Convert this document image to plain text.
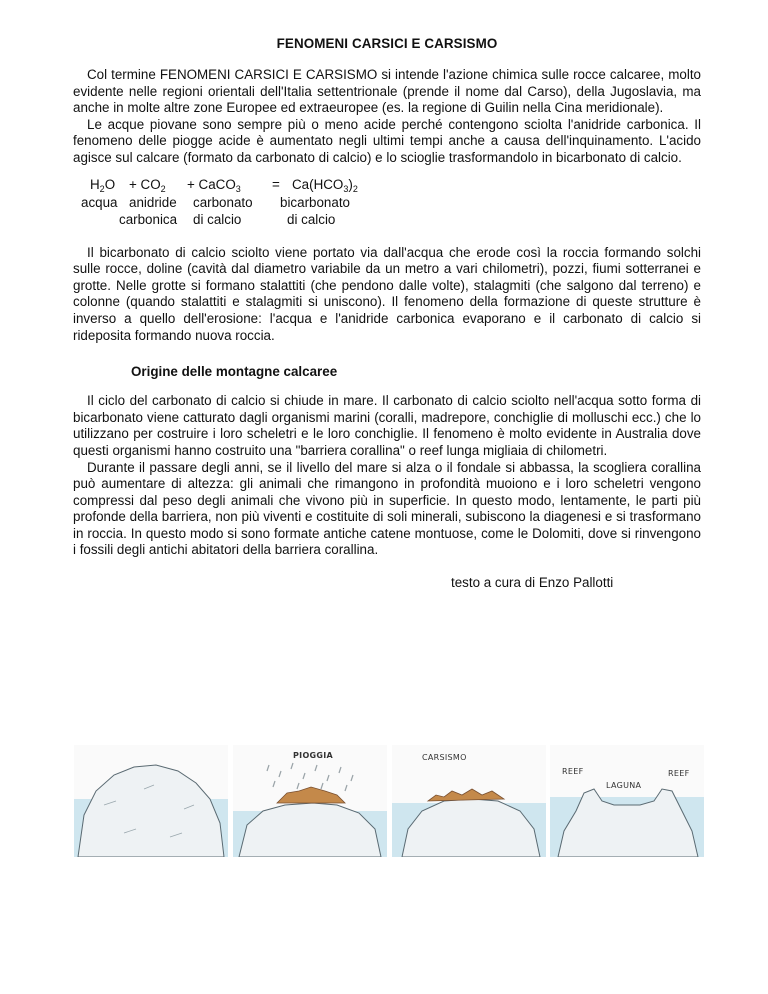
FENOMENI CARSICI E CARSISMO

Col termine FENOMENI CARSICI E CARSISMO si intende l'azione chimica sulle rocce calcaree, molto evidente nelle regioni orientali dell'Italia settentrionale (prende il nome dal Carso), della Jugoslavia, ma anche in molte altre zone Europee ed extraeuropee (es. la regione di Guilin nella Cina meridionale).

Le acque piovane sono sempre più o meno acide perché contengono sciolta l'anidride carbonica. Il fenomeno delle piogge acide è aumentato negli ultimi tempi anche a causa dell'inquinamento. L'acido agisce sul calcare (formato da carbonato di calcio) e lo scioglie trasformandolo in bicarbonato di calcio.

$H_2O + CO_2$ + CaCO$_3$ = $Ca(HCO_3)_2$
acqua anidride carbonato bicarbonato
carbonica di calcio	di calcio

Il bicarbonato di calcio sciolto viene portato via dall'acqua che erode così la roccia formando solchi sulle rocce, doline (cavità dal diametro variabile da un metro a vari chilometri), pozzi, fiumi sotterranei e grotte. Nelle grotte si formano stalattiti (che pendono dalle volte), stalagmiti (che salgono dal terreno) e colonne (quando stalattiti e stalagmiti si uniscono). Il fenomeno della formazione di queste strutture è inverso a quello dell'erosione: l'acqua e l'anidride carbonica evaporano e il carbonato di calcio si rideposita formando nuova roccia.

Origine delle montagne calcaree

Il ciclo del carbonato di calcio si chiude in mare. Il carbonato di calcio sciolto nell'acqua sotto forma di bicarbonato viene catturato dagli organismi marini (coralli, madrepore, conchiglie di molluschi ecc.) che lo utilizzano per costruire i loro scheletri e le loro conchiglie. Il fenomeno è molto evidente in Australia dove questi organismi hanno costruito una "barriera corallina" o reef lunga migliaia di chilometri.

Durante il passare degli anni, se il livello del mare si alza o il fondale si abbassa, la scogliera corallina può aumentare di altezza: gli animali che rimangono in profondità muoiono e i loro scheletri vengono compressi dal peso degli animali che vivono più in superficie. In questo modo, lentamente, le parti più profonde della barriera, non più viventi e costituite di soli minerali, subiscono la diagenesi e si trasformano in roccia. In questo modo si sono formate antiche catene montuose, come le Dolomiti, dove si rinvengono i fossili degli antichi abitatori della barriera corallina.

testo a cura di Enzo Pallotti
PIOGGIA	CARSISMO
REEF
LAGUNA
REEF
